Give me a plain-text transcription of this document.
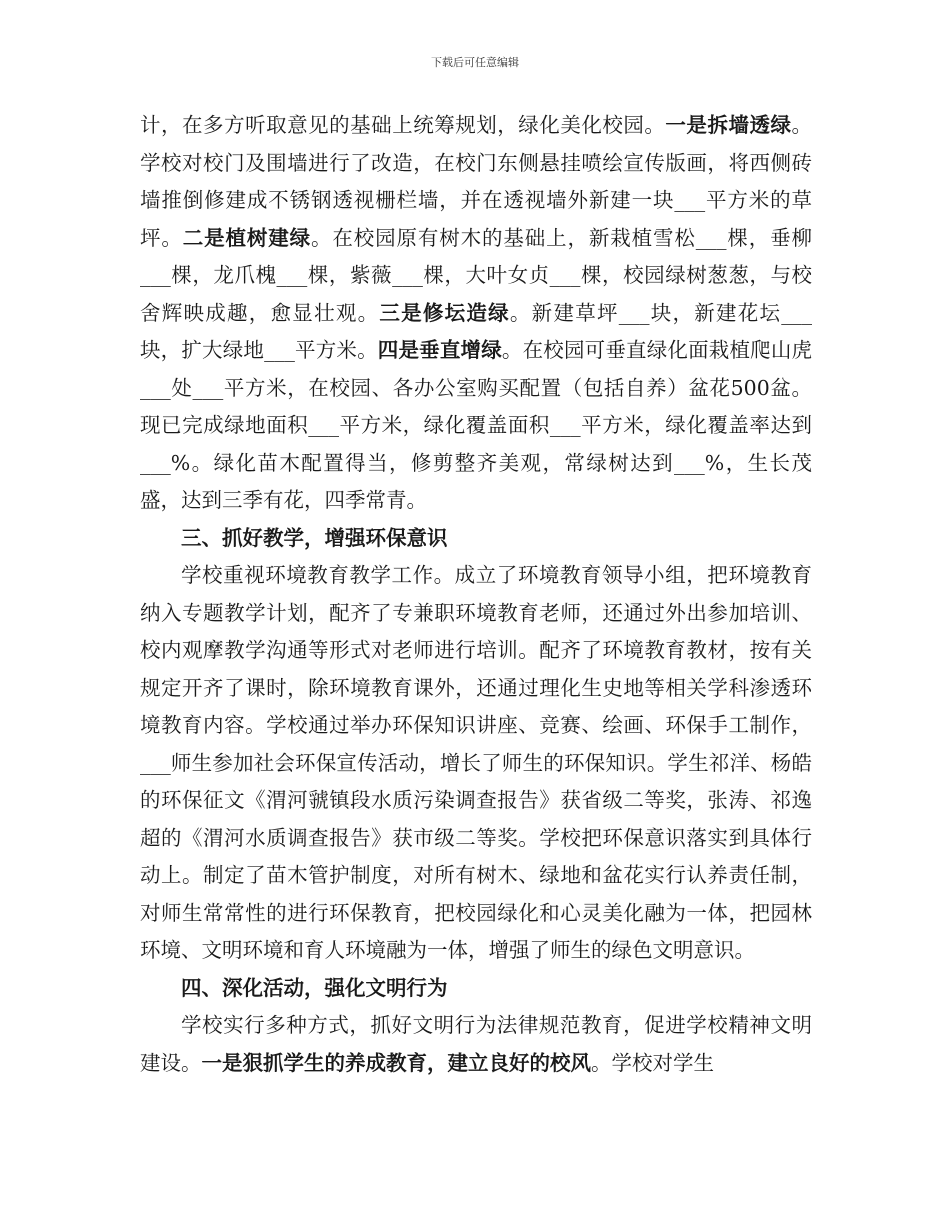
下载后可任意编辑

计，在多方听取意见的基础上统筹规划，绿化美化校园。一是拆墙透绿。学校对校门及围墙进行了改造，在校门东侧悬挂喷绘宣传版画，将西侧砖墙推倒修建成不锈钢透视栅栏墙，并在透视墙外新建一块___平方米的草坪。二是植树建绿。在校园原有树木的基础上，新栽植雪松___棵，垂柳___棵，龙爪槐___棵，紫薇___棵，大叶女贞___棵，校园绿树葱葱，与校舍辉映成趣，愈显壮观。三是修坛造绿。新建草坪___块，新建花坛___块，扩大绿地___平方米。四是垂直增绿。在校园可垂直绿化面栽植爬山虎___处___平方米，在校园、各办公室购买配置（包括自养）盆花500盆。现已完成绿地面积___平方米，绿化覆盖面积___平方米，绿化覆盖率达到___%。绿化苗木配置得当，修剪整齐美观，常绿树达到___%，生长茂盛，达到三季有花，四季常青。

三、抓好教学，增强环保意识

学校重视环境教育教学工作。成立了环境教育领导小组，把环境教育纳入专题教学计划，配齐了专兼职环境教育老师，还通过外出参加培训、校内观摩教学沟通等形式对老师进行培训。配齐了环境教育教材，按有关规定开齐了课时，除环境教育课外，还通过理化生史地等相关学科渗透环境教育内容。学校通过举办环保知识讲座、竞赛、绘画、环保手工制作，___师生参加社会环保宣传活动，增长了师生的环保知识。学生祁洋、杨皓的环保征文《渭河虢镇段水质污染调查报告》获省级二等奖，张涛、祁逸超的《渭河水质调查报告》获市级二等奖。学校把环保意识落实到具体行动上。制定了苗木管护制度，对所有树木、绿地和盆花实行认养责任制，对师生常常性的进行环保教育，把校园绿化和心灵美化融为一体，把园林环境、文明环境和育人环境融为一体，增强了师生的绿色文明意识。

四、深化活动，强化文明行为

学校实行多种方式，抓好文明行为法律规范教育，促进学校精神文明建设。一是狠抓学生的养成教育，建立良好的校风。学校对学生
